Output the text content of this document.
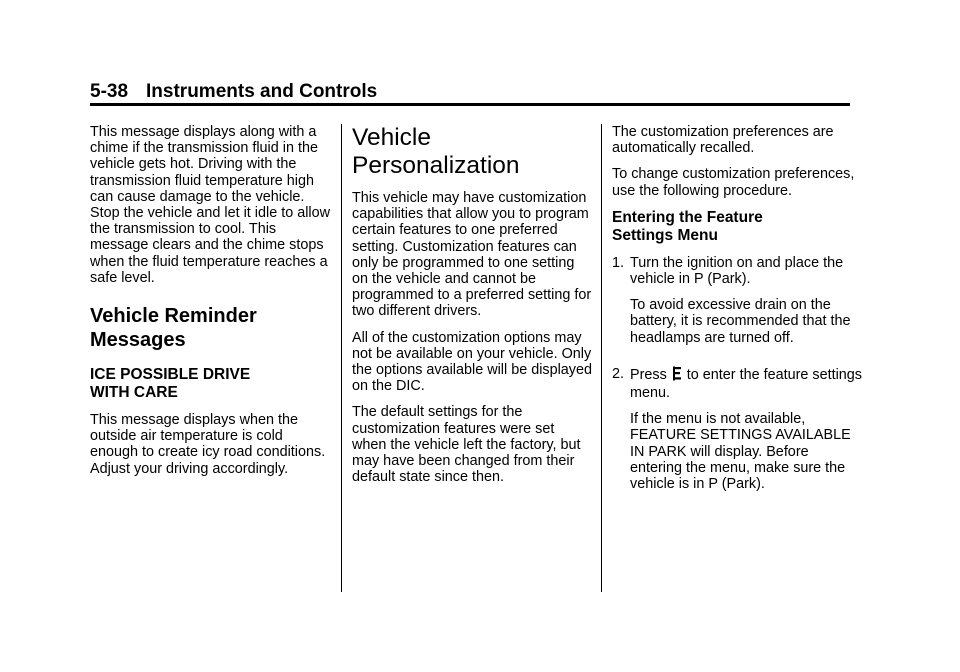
5-38 Instruments and Controls

This message displays along with a chime if the transmission fluid in the vehicle gets hot. Driving with the transmission fluid temperature high can cause damage to the vehicle. Stop the vehicle and let it idle to allow the transmission to cool. This message clears and the chime stops when the fluid temperature reaches a safe level.

Vehicle Reminder
Messages
ICE POSSIBLE DRIVE
WITH CARE

This message displays when the outside air temperature is cold enough to create icy road conditions. Adjust your driving accordingly.

Vehicle
Personalization

This vehicle may have customization capabilities that allow you to program certain features to one preferred setting. Customization features can only be programmed to one setting on the vehicle and cannot be programmed to a preferred setting for two different drivers.

All of the customization options may not be available on your vehicle. Only the options available will be displayed on the DIC.

The default settings for the customization features were set when the vehicle left the factory, but may have been changed from their default state since then.

The customization preferences are automatically recalled.

To change customization preferences, use the following procedure.

Entering the Feature
Settings Menu

1. Turn the ignition on and place the vehicle in P (Park).

To avoid excessive drain on the battery, it is recommended that the headlamps are turned off.

2. Press to enter the feature settings menu.

If the menu is not available, FEATURE SETTINGS AVAILABLE IN PARK will display. Before entering the menu, make sure the vehicle is in P (Park).
